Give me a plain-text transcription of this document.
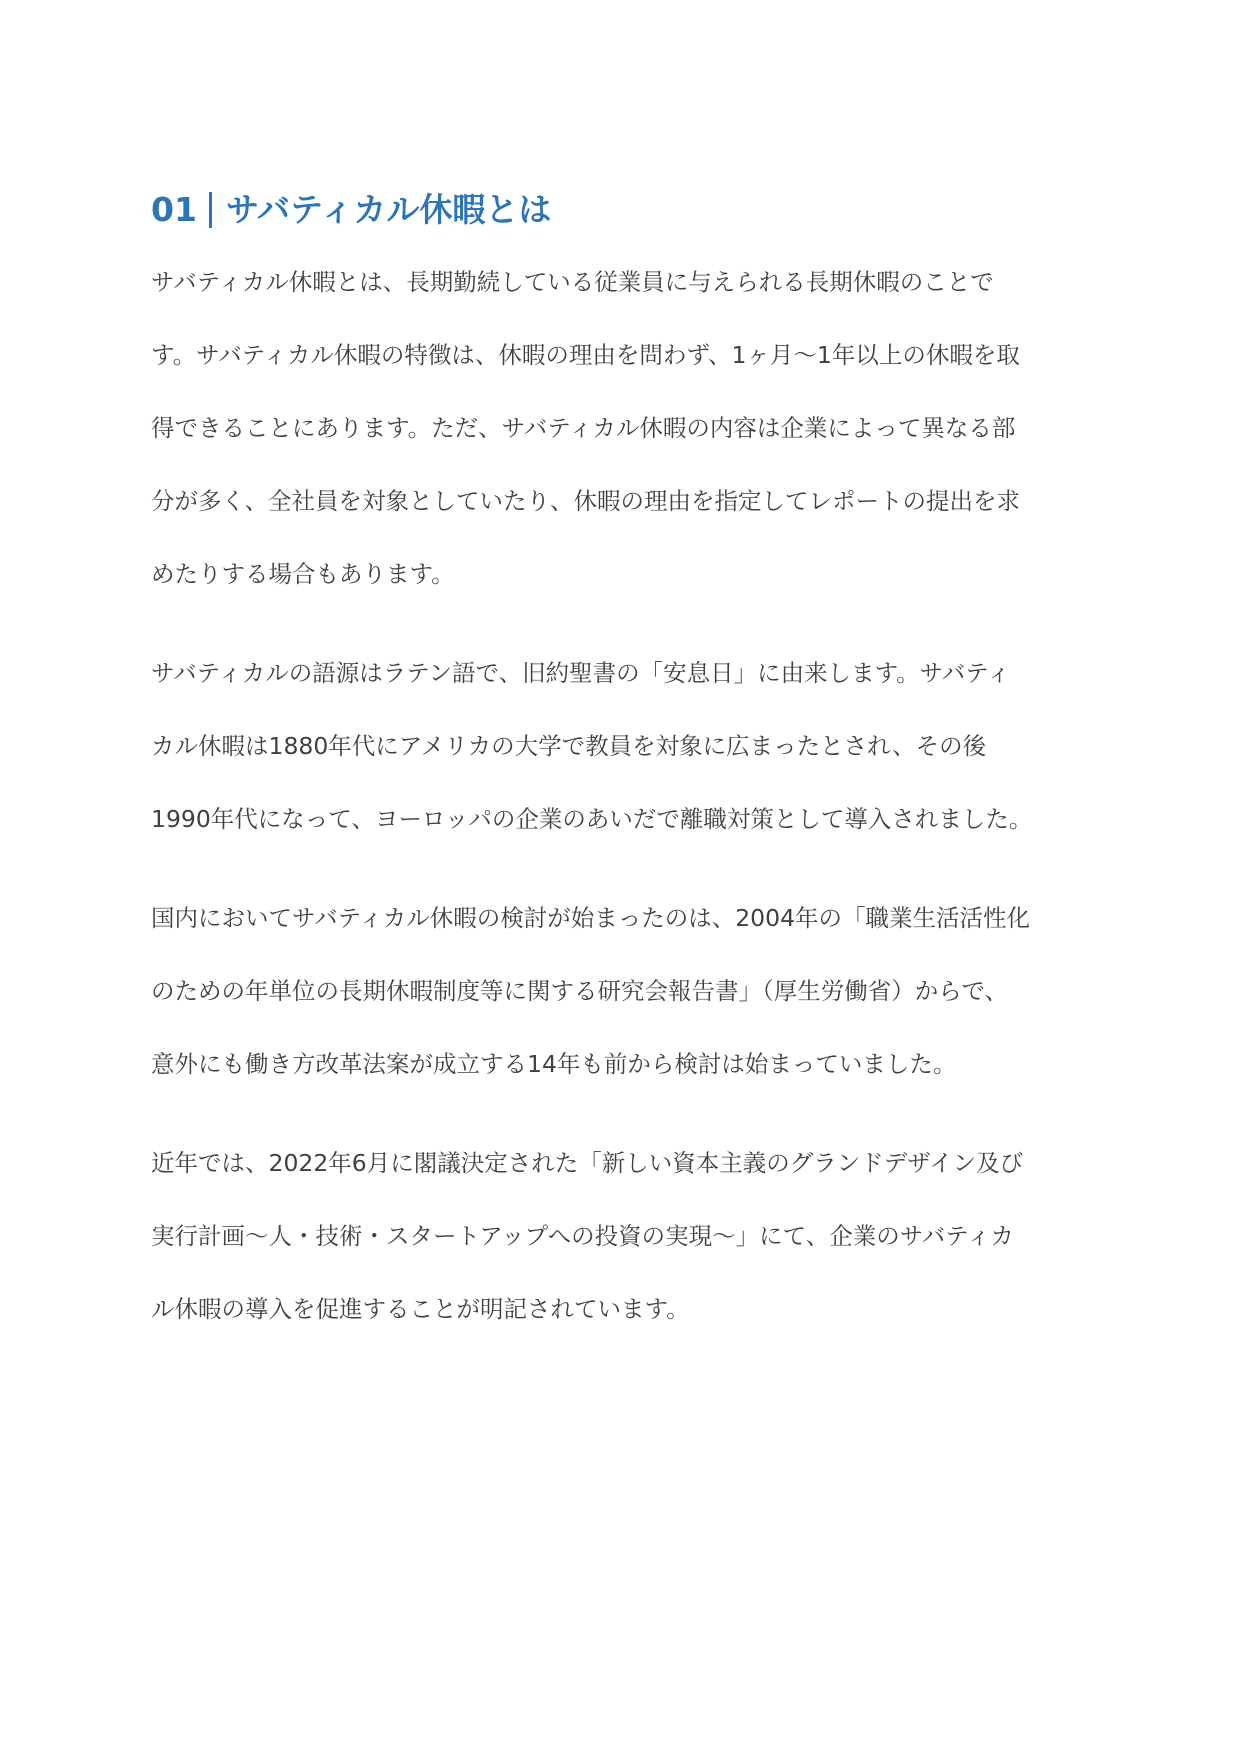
01 サバティカル休暇とは

サバティカル休暇とは、長期勤続している従業員に与えられる長期休暇のことで
す。サバティカル休暇の特徴は、休暇の理由を問わず、1ヶ月〜1年以上の休暇を取
得できることにあります。ただ、サバティカル休暇の内容は企業によって異なる部
分が多く、全社員を対象としていたり、休暇の理由を指定してレポートの提出を求
めたりする場合もあります。

サバティカルの語源はラテン語で、旧約聖書の「安息日」に由来します。サバティ
カル休暇は1880年代にアメリカの大学で教員を対象に広まったとされ、その後
1990年代になって、ヨーロッパの企業のあいだで離職対策として導入されました。

国内においてサバティカル休暇の検討が始まったのは、2004年の「職業生活活性化
のための年単位の長期休暇制度等に関する研究会報告書」（厚生労働省）からで、
意外にも働き方改革法案が成立する14年も前から検討は始まっていました。

近年では、2022年6月に閣議決定された「新しい資本主義のグランドデザイン及び
実行計画〜人・技術・スタートアップへの投資の実現〜」にて、企業のサバティカ
ル休暇の導入を促進することが明記されています。
